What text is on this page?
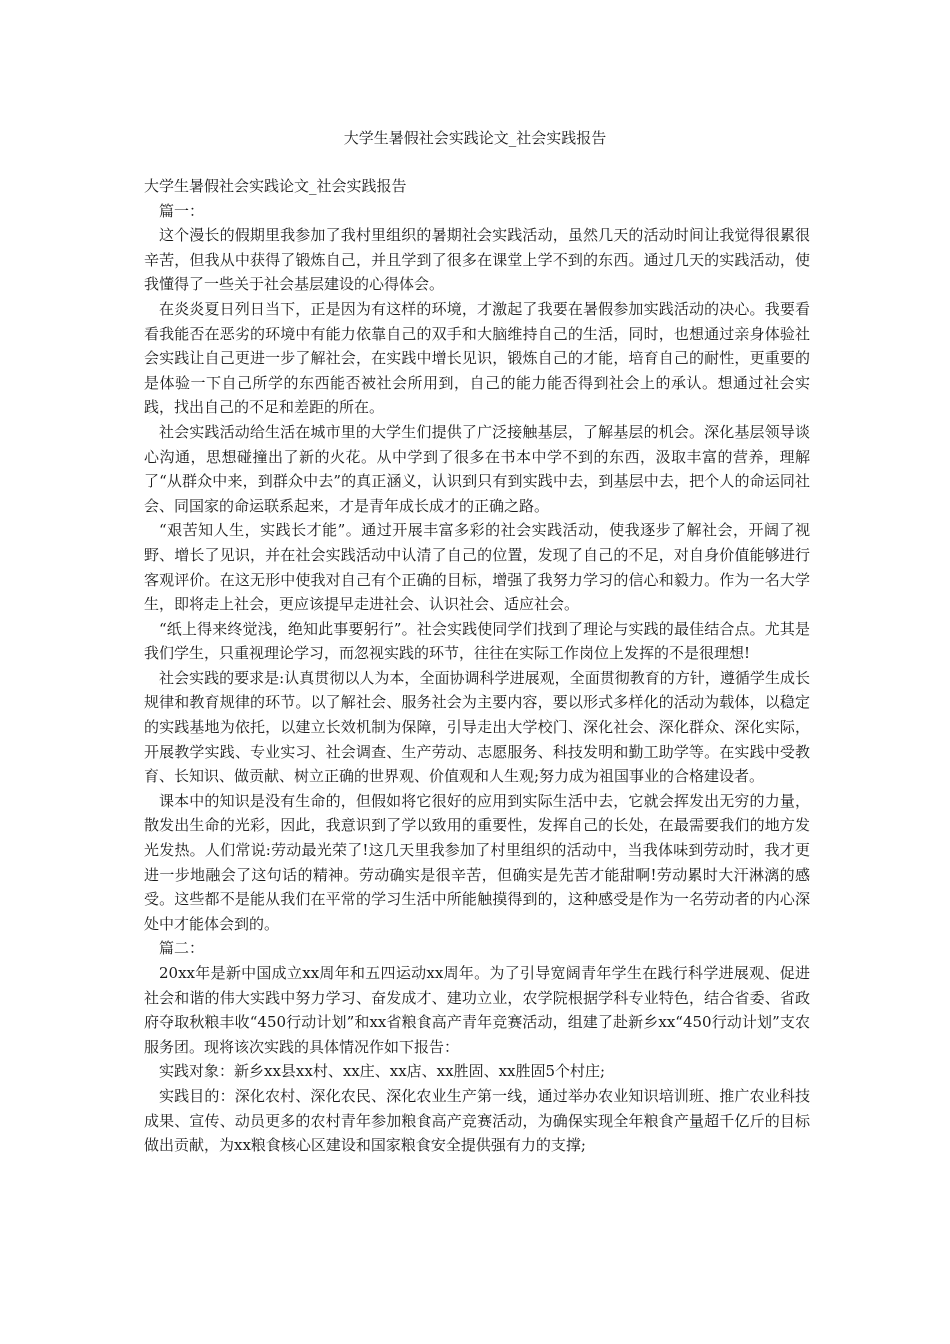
大学生暑假社会实践论文_社会实践报告

大学生暑假社会实践论文_社会实践报告

篇一：

这个漫长的假期里我参加了我村里组织的暑期社会实践活动，虽然几天的活动时间让我觉得很累很辛苦，但我从中获得了锻炼自己，并且学到了很多在课堂上学不到的东西。通过几天的实践活动，使我懂得了一些关于社会基层建设的心得体会。

在炎炎夏日列日当下，正是因为有这样的环境，才激起了我要在暑假参加实践活动的决心。我要看看我能否在恶劣的环境中有能力依靠自己的双手和大脑维持自己的生活，同时，也想通过亲身体验社会实践让自己更进一步了解社会，在实践中增长见识，锻炼自己的才能，培育自己的耐性，更重要的是体验一下自己所学的东西能否被社会所用到，自己的能力能否得到社会上的承认。想通过社会实践，找出自己的不足和差距的所在。

社会实践活动给生活在城市里的大学生们提供了广泛接触基层，了解基层的机会。深化基层领导谈心沟通，思想碰撞出了新的火花。从中学到了很多在书本中学不到的东西，汲取丰富的营养，理解了“从群众中来，到群众中去”的真正涵义，认识到只有到实践中去，到基层中去，把个人的命运同社会、同国家的命运联系起来，才是青年成长成才的正确之路。

“艰苦知人生，实践长才能”。通过开展丰富多彩的社会实践活动，使我逐步了解社会，开阔了视野、增长了见识，并在社会实践活动中认清了自己的位置，发现了自己的不足，对自身价值能够进行客观评价。在这无形中使我对自己有个正确的目标，增强了我努力学习的信心和毅力。作为一名大学生，即将走上社会，更应该提早走进社会、认识社会、适应社会。

“纸上得来终觉浅，绝知此事要躬行”。社会实践使同学们找到了理论与实践的最佳结合点。尤其是我们学生，只重视理论学习，而忽视实践的环节，往往在实际工作岗位上发挥的不是很理想!

社会实践的要求是:认真贯彻以人为本，全面协调科学进展观，全面贯彻教育的方针，遵循学生成长规律和教育规律的环节。以了解社会、服务社会为主要内容，要以形式多样化的活动为载体，以稳定的实践基地为依托，以建立长效机制为保障，引导走出大学校门、深化社会、深化群众、深化实际，开展教学实践、专业实习、社会调查、生产劳动、志愿服务、科技发明和勤工助学等。在实践中受教育、长知识、做贡献、树立正确的世界观、价值观和人生观;努力成为祖国事业的合格建设者。

课本中的知识是没有生命的，但假如将它很好的应用到实际生活中去，它就会挥发出无穷的力量，散发出生命的光彩，因此，我意识到了学以致用的重要性，发挥自己的长处，在最需要我们的地方发光发热。人们常说:劳动最光荣了!这几天里我参加了村里组织的活动中，当我体味到劳动时，我才更进一步地融会了这句话的精神。劳动确实是很辛苦，但确实是先苦才能甜啊!劳动累时大汗淋漓的感受。这些都不是能从我们在平常的学习生活中所能触摸得到的，这种感受是作为一名劳动者的内心深处中才能体会到的。

篇二：

20xx年是新中国成立xx周年和五四运动xx周年。为了引导宽阔青年学生在践行科学进展观、促进社会和谐的伟大实践中努力学习、奋发成才、建功立业，农学院根据学科专业特色，结合省委、省政府夺取秋粮丰收“450行动计划”和xx省粮食高产青年竞赛活动，组建了赴新乡xx“450行动计划”支农服务团。现将该次实践的具体情况作如下报告：

实践对象：新乡xx县xx村、xx庄、xx店、xx胜固、xx胜固5个村庄;

实践目的：深化农村、深化农民、深化农业生产第一线，通过举办农业知识培训班、推广农业科技成果、宣传、动员更多的农村青年参加粮食高产竞赛活动，为确保实现全年粮食产量超千亿斤的目标做出贡献，为xx粮食核心区建设和国家粮食安全提供强有力的支撑;
